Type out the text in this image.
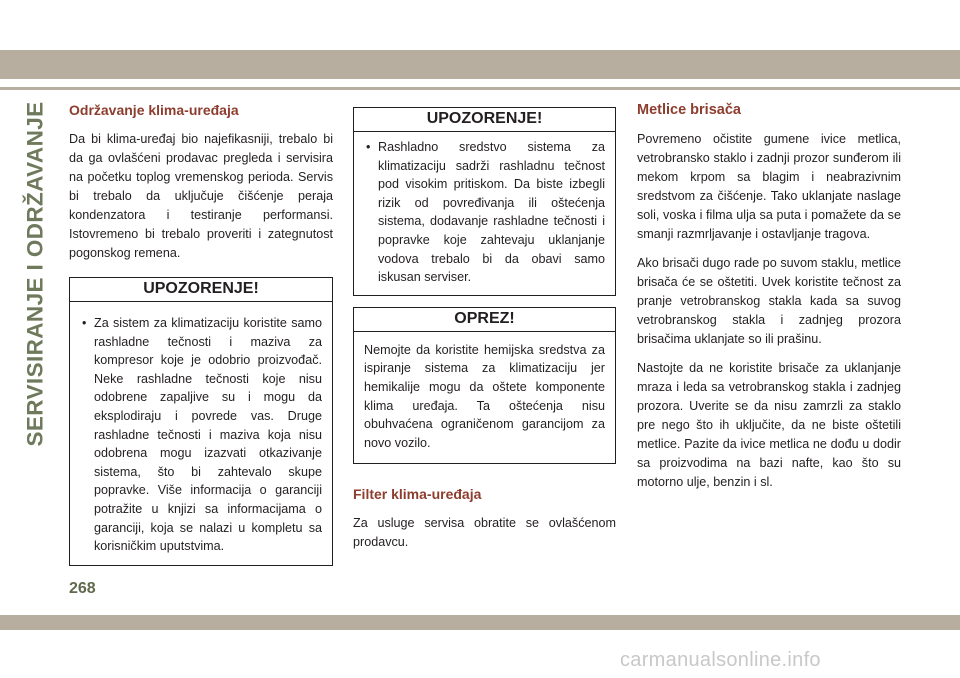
SERVISIRANJE I ODRŽAVANJE Održavanje klima-uređaja

Da bi klima-uređaj bio najefikasniji, trebalo bi da ga ovlašćeni prodavac pregleda i servisira na početku toplog vremenskog perioda. Servis bi trebalo da uključuje čišćenje peraja kondenzatora i testiranje performansi. Istovremeno bi trebalo proveriti i zategnutost pogonskog remena.

UPOZORENJE!
• Za sistem za klimatizaciju koristite samo rashladne tečnosti i maziva za kompresor koje je odobrio proizvođač. Neke rashladne tečnosti koje nisu odobrene zapaljive su i mogu da eksplodiraju i povrede vas. Druge rashladne tečnosti i maziva koja nisu odobrena mogu izazvati otkazivanje sistema, što bi zahtevalo skupe popravke. Više informacija o garanciji potražite u knjizi sa informacijama o garanciji, koja se nalazi u kompletu sa korisničkim uputstvima.
UPOZORENJE!
• Rashladno sredstvo sistema za klimatizaciju sadrži rashladnu tečnost pod visokim pritiskom. Da biste izbegli rizik od povređivanja ili oštećenja sistema, dodavanje rashladne tečnosti i popravke koje zahtevaju uklanjanje vodova trebalo bi da obavi samo iskusan serviser.
OPREZ!

Nemojte da koristite hemijska sredstva za ispiranje sistema za klimatizaciju jer hemikalije mogu da oštete komponente klima uređaja. Ta oštećenja nisu obuhvaćena ograničenom garancijom za novo vozilo.

Filter klima-uređaja

Za usluge servisa obratite se ovlašćenom prodavcu.

Metlice brisača

Povremeno očistite gumene ivice metlica, vetrobransko staklo i zadnji prozor sunđerom ili mekom krpom sa blagim i neabrazivnim sredstvom za čišćenje. Tako uklanjate naslage soli, voska i filma ulja sa puta i pomažete da se smanji razmrljavanje i ostavljanje tragova.

Ako brisači dugo rade po suvom staklu, metlice brisača će se oštetiti. Uvek koristite tečnost za pranje vetrobranskog stakla kada sa suvog vetrobranskog stakla i zadnjeg prozora brisačima uklanjate so ili prašinu.

Nastojte da ne koristite brisače za uklanjanje mraza i leda sa vetrobranskog stakla i zadnjeg prozora. Uverite se da nisu zamrzli za staklo pre nego što ih uključite, da ne biste oštetili metlice. Pazite da ivice metlica ne dođu u dodir sa proizvodima na bazi nafte, kao što su motorno ulje, benzin i sl.

268
carmanualsonline.info
